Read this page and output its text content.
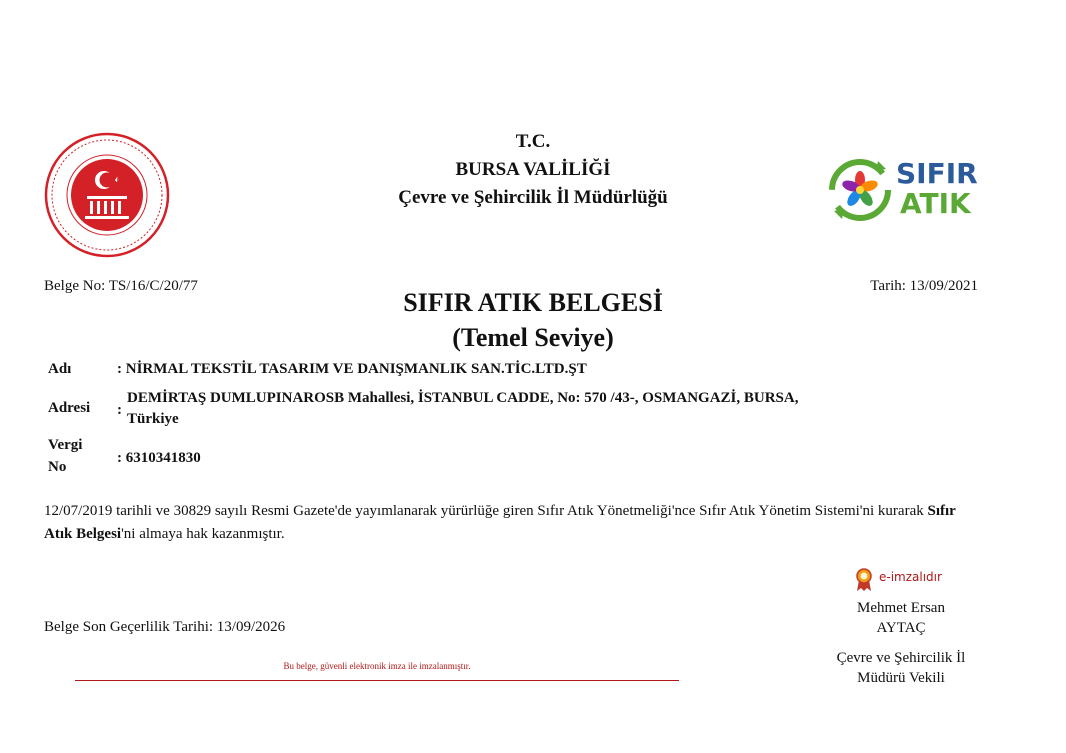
T.C.
BURSA VALİLİĞİ
Çevre ve Şehircilik İl Müdürlüğü
SIFIR
ATIK
Belge No: TS/16/C/20/77	Tarih: 13/09/2021
SIFIR ATIK BELGESİ
(Temel Seviye)
Adı	: NİRMAL TEKSTİL TASARIM VE DANIŞMANLIK SAN.TİC.LTD.ŞT
Adresi :
DEMİRTAŞ DUMLUPINAROSB Mahallesi, İSTANBUL CADDE, No: 570 /43-, OSMANGAZİ, BURSA,
Türkiye
Vergi
No
: 6310341830
12/07/2019 tarihli ve 30829 sayılı Resmi Gazete'de yayımlanarak yürürlüğe giren Sıfır Atık Yönetmeliği'nce Sıfır Atık Yönetim Sistemi'ni kurarak Sıfır Atık Belgesi'ni almaya hak kazanmıştır.
Belge Son Geçerlilik Tarihi: 13/09/2026
e-imzalıdır
Mehmet Ersan
AYTAÇ
Çevre ve Şehircilik İl
Müdürü Vekili
Bu belge, güvenli elektronik imza ile imzalanmıştır.
